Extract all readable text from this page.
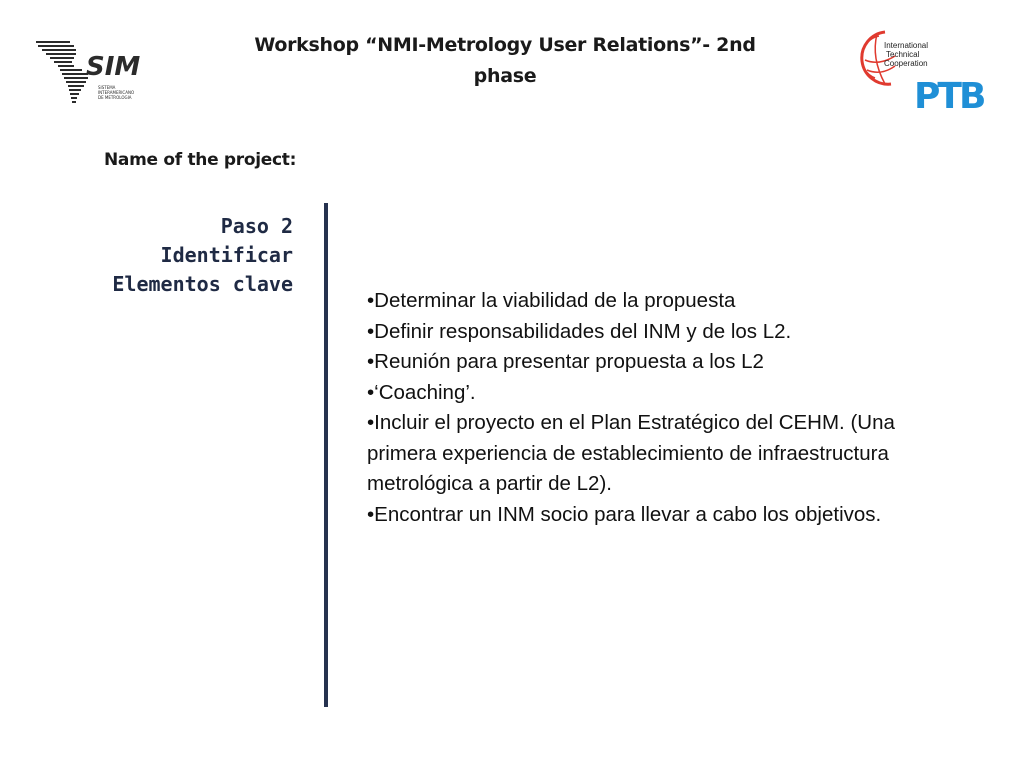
SIM
SISTEMA
INTERAMERICANO
DE METROLOGIA
Workshop “NMI-Metrology User Relations”- 2nd
phase
International
Technical
Cooperation
PTB
Name of the project:
Paso 2
Identificar
Elementos clave

•Determinar la viabilidad de la propuesta

•Definir responsabilidades del INM y de los L2.

•Reunión para presentar propuesta a los L2

•‘Coaching’.

•Incluir el proyecto en el Plan Estratégico del CEHM. (Una primera experiencia de establecimiento de infraestructura metrológica a partir de L2).

•Encontrar un INM socio para llevar a cabo los objetivos.
